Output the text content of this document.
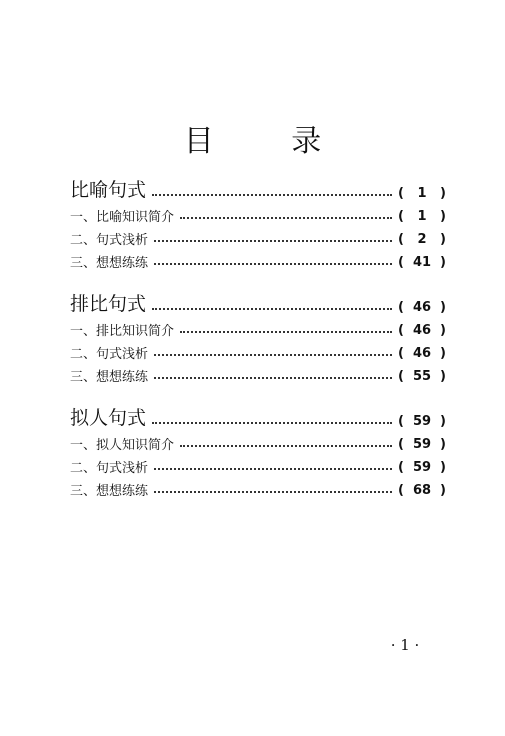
目 录
比喻句式	(	1	)
一、比喻知识简介	(	1	)
二、句式浅析	(	2	)
三、想想练练	( 41 )
排比句式	( 46 )
一、排比知识简介	( 46 )
二、句式浅析	( 46 )
三、想想练练	( 55 )
拟人句式	( 59 )
一、拟人知识简介	( 59 )
二、句式浅析	( 59 )
三、想想练练	( 68 )
· 1 ·
